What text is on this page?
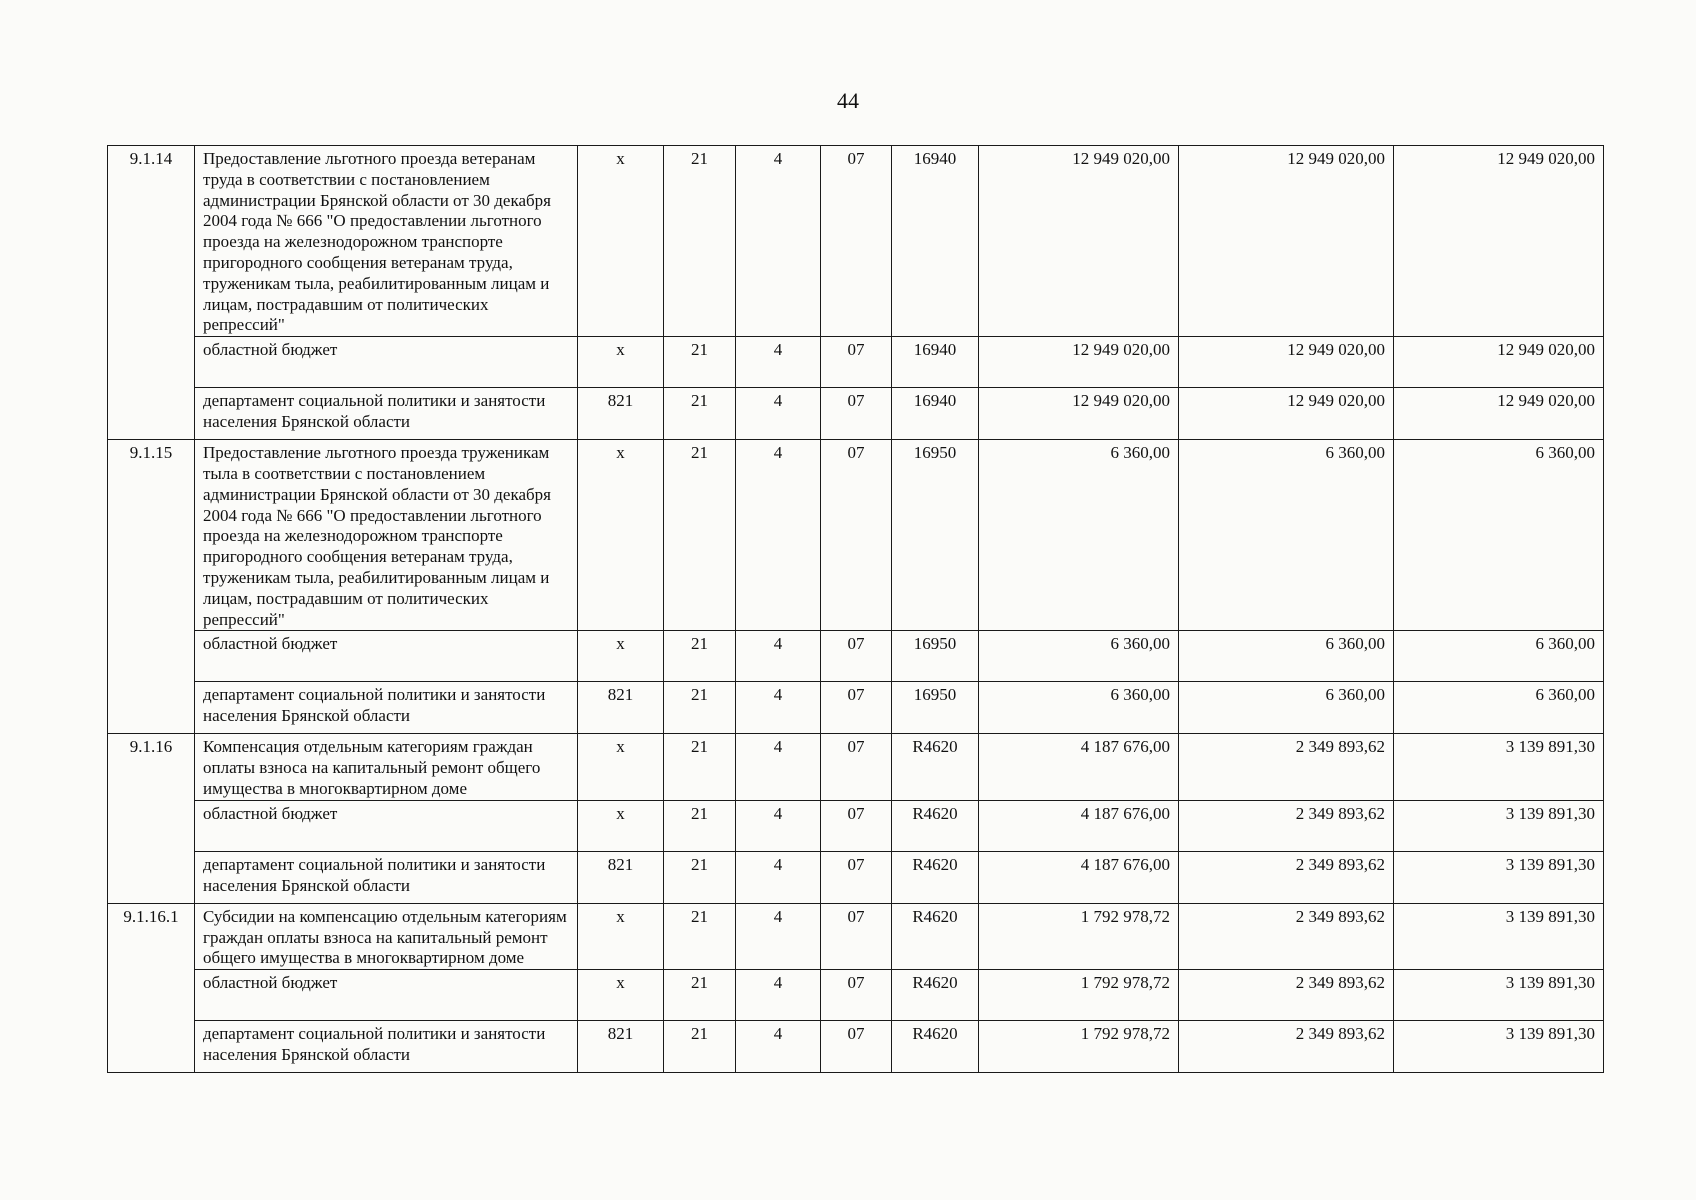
44
9.1.14	Предоставление льготного проезда ветеранам труда в соответствии с постановлением администрации Брянской области от 30 декабря 2004 года № 666 "О предоставлении льготного проезда на железнодорожном транспорте пригородного сообщения ветеранам труда, труженикам тыла, реабилитированным лицам и лицам, пострадавшим от политических репрессий"	х	21	4	07	16940	12 949 020,00	12 949 020,00	12 949 020,00
	областной бюджет	х	21	4	07	16940	12 949 020,00	12 949 020,00	12 949 020,00
	департамент социальной политики и занятости населения Брянской области	821	21	4	07	16940	12 949 020,00	12 949 020,00	12 949 020,00
9.1.15	Предоставление льготного проезда труженикам тыла в соответствии с постановлением администрации Брянской области от 30 декабря 2004 года № 666 "О предоставлении льготного проезда на железнодорожном транспорте пригородного сообщения ветеранам труда, труженикам тыла, реабилитированным лицам и лицам, пострадавшим от политических репрессий"	х	21	4	07	16950	6 360,00	6 360,00	6 360,00
	областной бюджет	х	21	4	07	16950	6 360,00	6 360,00	6 360,00
	департамент социальной политики и занятости населения Брянской области	821	21	4	07	16950	6 360,00	6 360,00	6 360,00
9.1.16	Компенсация отдельным категориям граждан оплаты взноса на капитальный ремонт общего имущества в многоквартирном доме	х	21	4	07	R4620	4 187 676,00	2 349 893,62	3 139 891,30
	областной бюджет	х	21	4	07	R4620	4 187 676,00	2 349 893,62	3 139 891,30
	департамент социальной политики и занятости населения Брянской области	821	21	4	07	R4620	4 187 676,00	2 349 893,62	3 139 891,30
9.1.16.1	Субсидии на компенсацию отдельным категориям граждан оплаты взноса на капитальный ремонт общего имущества в многоквартирном доме	х	21	4	07	R4620	1 792 978,72	2 349 893,62	3 139 891,30
	областной бюджет	х	21	4	07	R4620	1 792 978,72	2 349 893,62	3 139 891,30
	департамент социальной политики и занятости населения Брянской области	821	21	4	07	R4620	1 792 978,72	2 349 893,62	3 139 891,30
